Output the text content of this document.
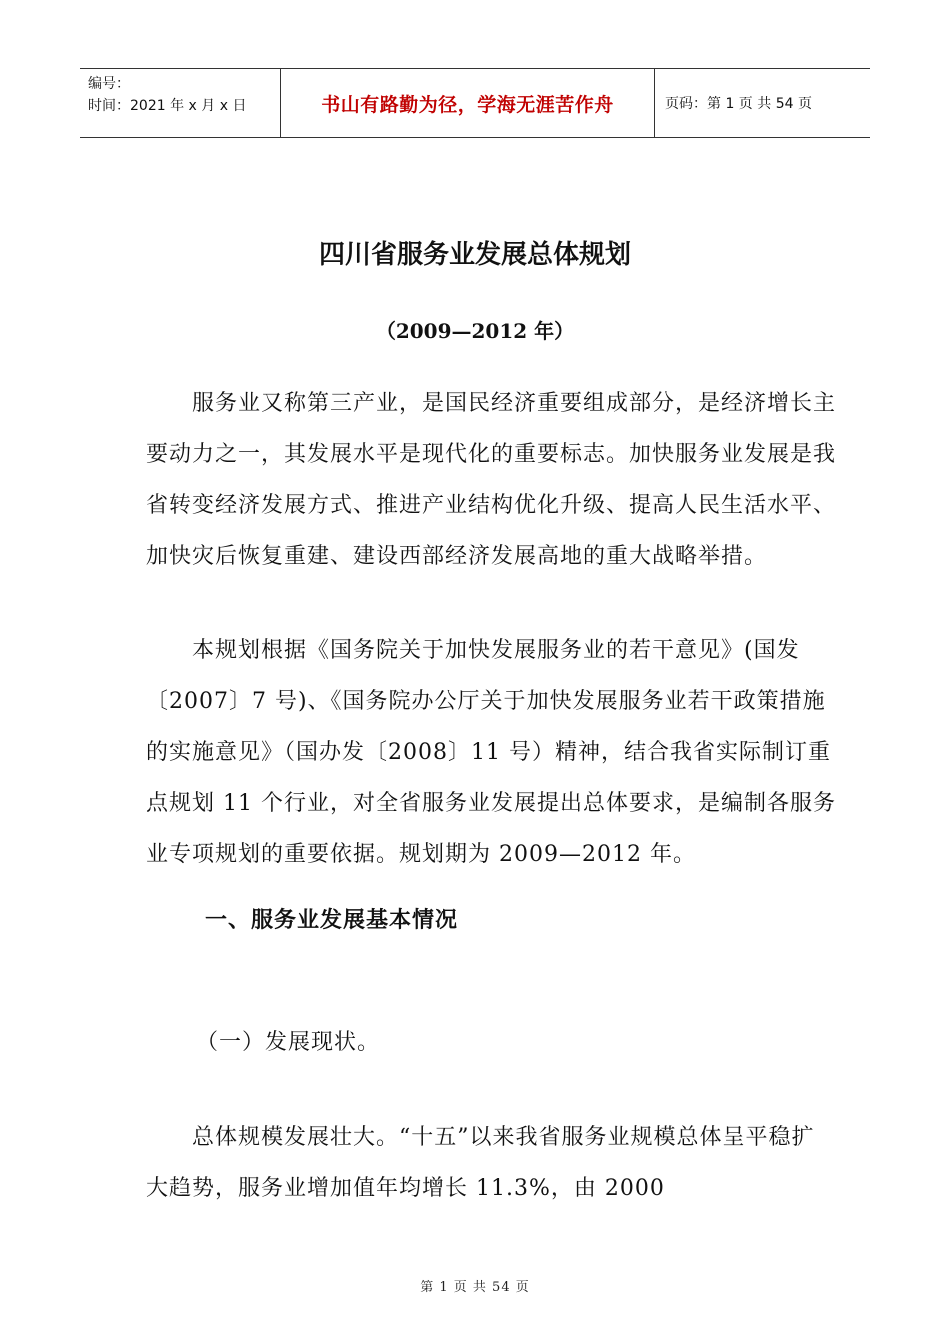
编号：
时间：2021 年 x 月 x 日	书山有路勤为径，学海无涯苦作舟	页码：第 1 页 共 54 页
四川省服务业发展总体规划
（2009—2012 年）

服务业又称第三产业，是国民经济重要组成部分，是经济增长主要动力之一，其发展水平是现代化的重要标志。加快服务业发展是我省转变经济发展方式、推进产业结构优化升级、提高人民生活水平、加快灾后恢复重建、建设西部经济发展高地的重大战略举措。

本规划根据《国务院关于加快发展服务业的若干意见》(国发〔2007〕7 号)、《国务院办公厅关于加快发展服务业若干政策措施的实施意见》（国办发〔2008〕11 号）精神，结合我省实际制订重点规划 11 个行业，对全省服务业发展提出总体要求，是编制各服务业专项规划的重要依据。规划期为 2009—2012 年。

一、服务业发展基本情况
（一）发展现状。

总体规模发展壮大。“十五”以来我省服务业规模总体呈平稳扩大趋势，服务业增加值年均增长 11.3%，由 2000

第 1 页 共 54 页
